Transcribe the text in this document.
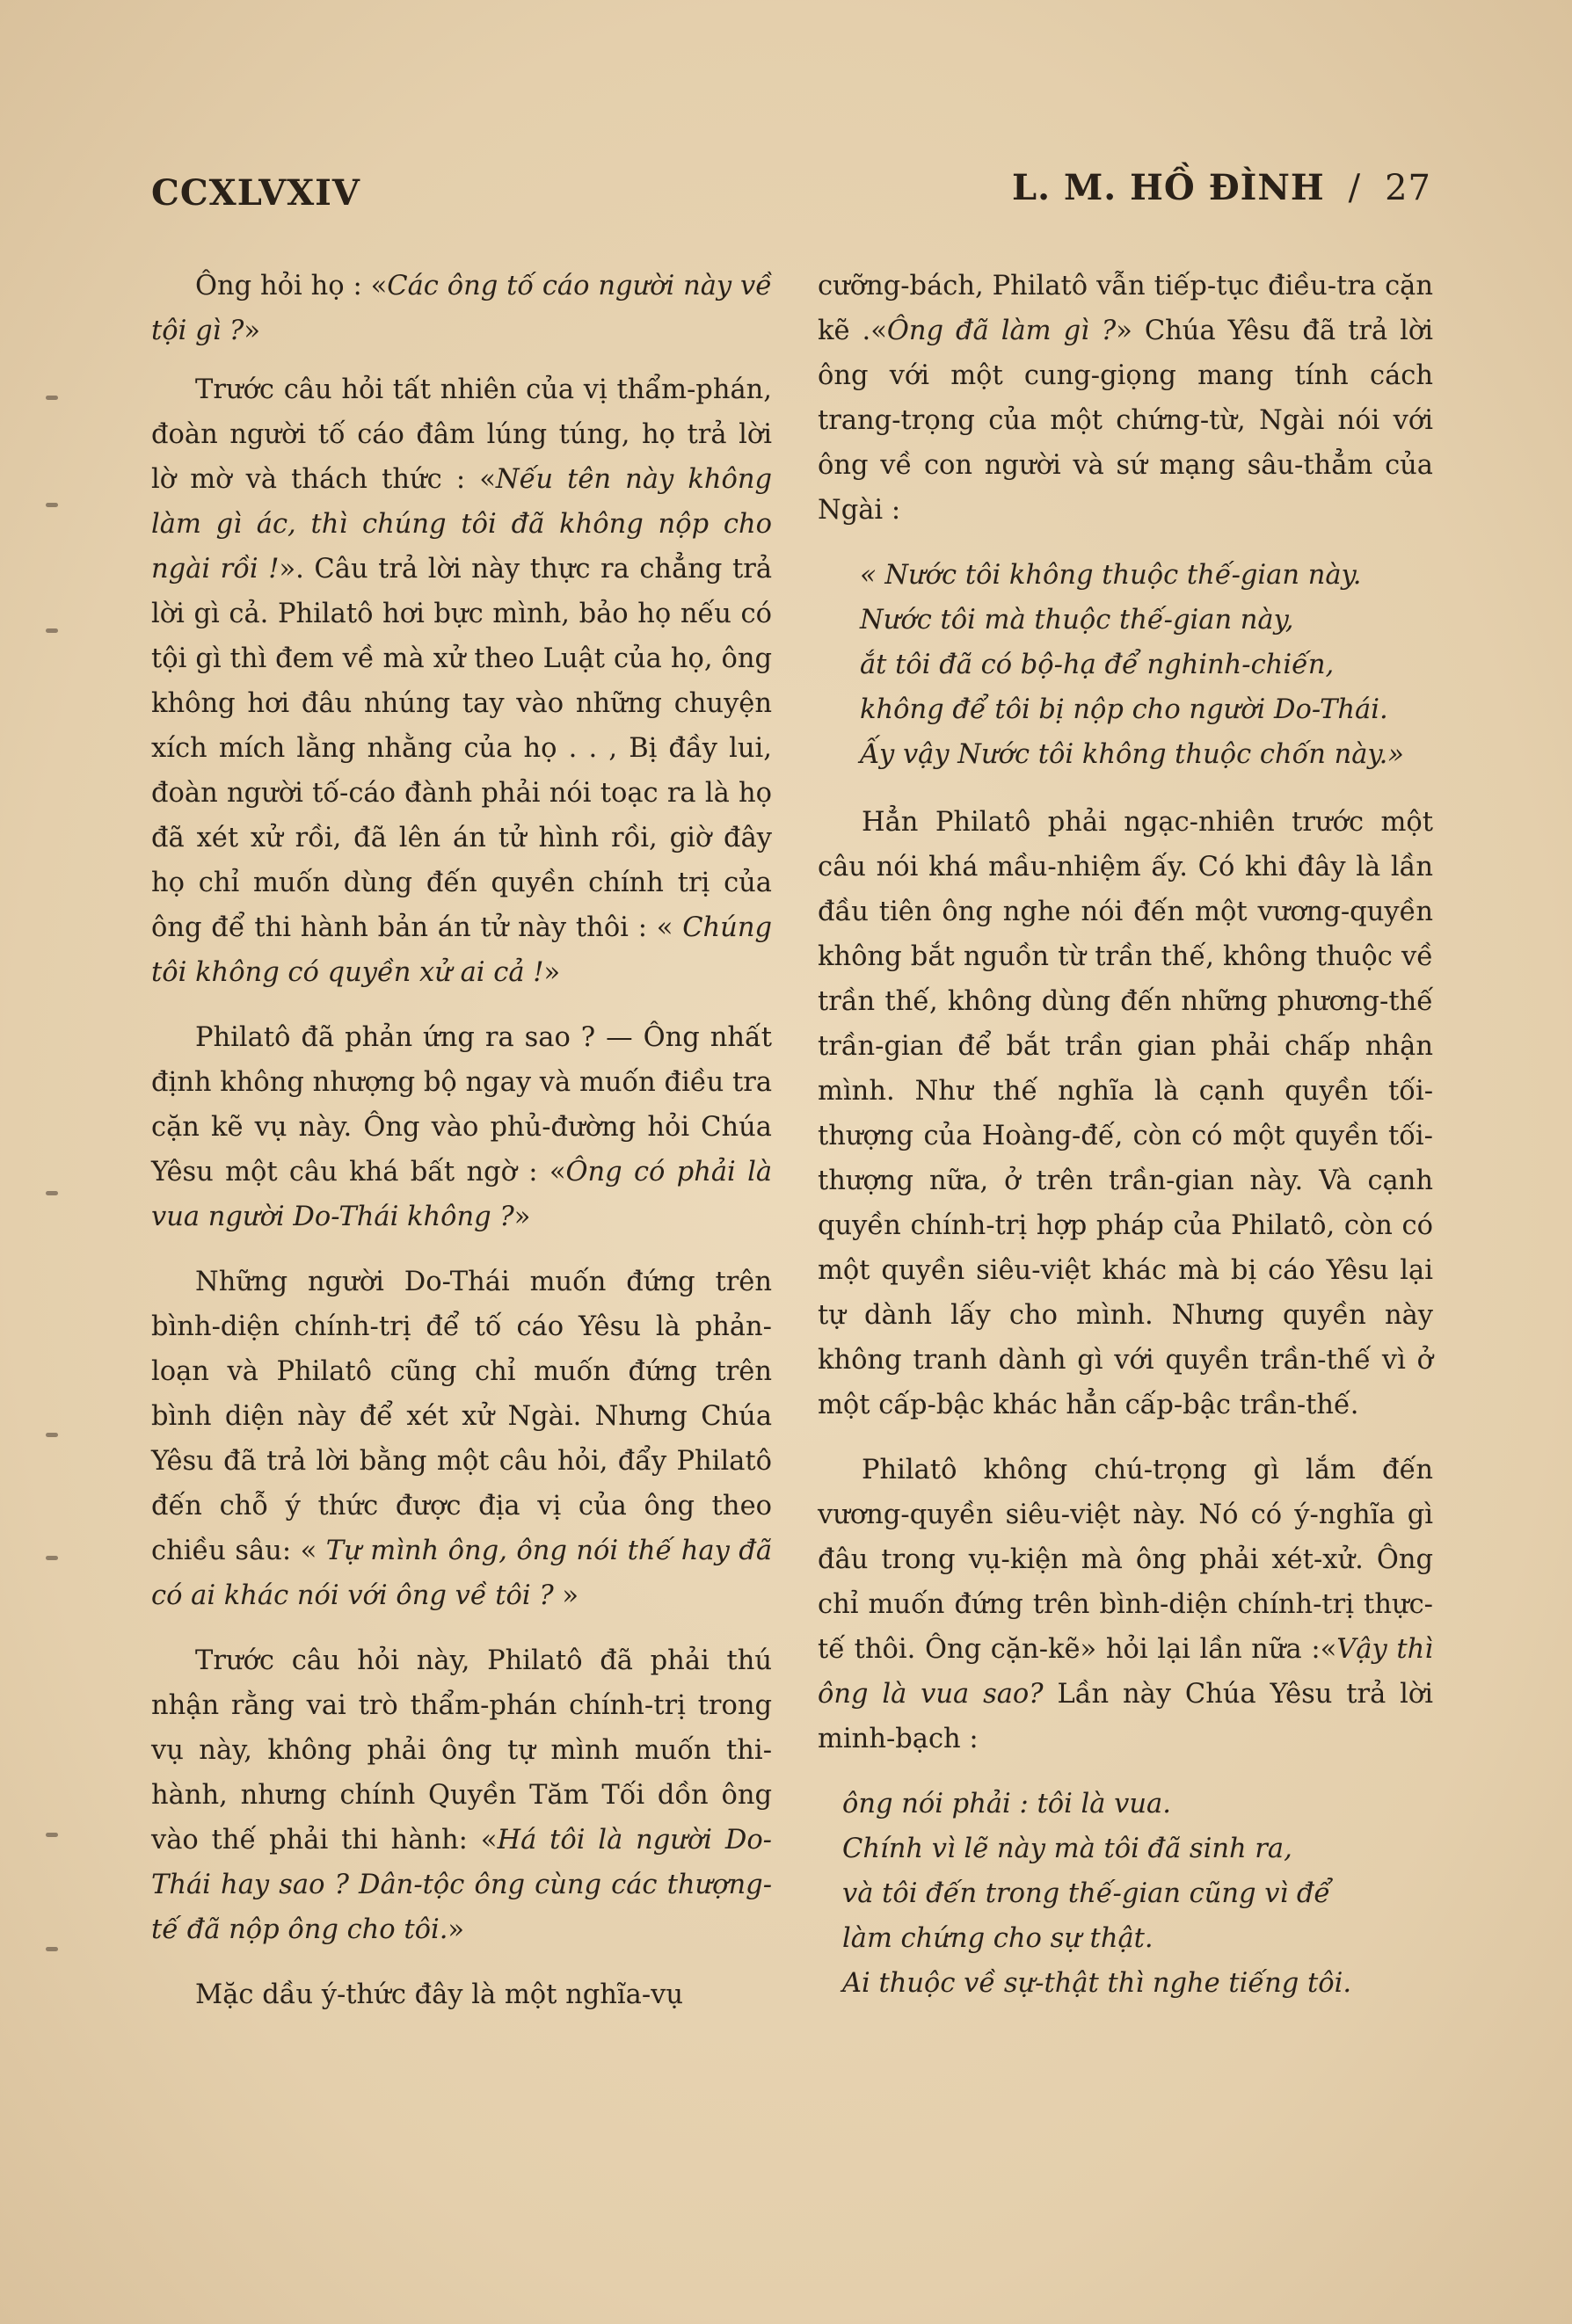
CCXLVXIV	L. M. HỒ ĐÌNH / 27

Ông hỏi họ : «Các ông tố cáo người này về tội gì ?»

Trước câu hỏi tất nhiên của vị thẩm-phán, đoàn người tố cáo đâm lúng túng, họ trả lời lờ mờ và thách thức : «Nếu tên này không làm gì ác, thì chúng tôi đã không nộp cho ngài rồi !». Câu trả lời này thực ra chẳng trả lời gì cả. Philatô hơi bực mình, bảo họ nếu có tội gì thì đem về mà xử theo Luật của họ, ông không hơi đâu nhúng tay vào những chuyện xích mích lằng nhằng của họ . . , Bị đầy lui, đoàn người tố-cáo đành phải nói toạc ra là họ đã xét xử rồi, đã lên án tử hình rồi, giờ đây họ chỉ muốn dùng đến quyền chính trị của ông để thi hành bản án tử này thôi : « Chúng tôi không có quyền xử ai cả !»

Philatô đã phản ứng ra sao ? — Ông nhất định không nhượng bộ ngay và muốn điều tra cặn kẽ vụ này. Ông vào phủ-đường hỏi Chúa Yêsu một câu khá bất ngờ : «Ông có phải là vua người Do-Thái không ?»

Những người Do-Thái muốn đứng trên bình-diện chính-trị để tố cáo Yêsu là phản-loạn và Philatô cũng chỉ muốn đứng trên bình diện này để xét xử Ngài. Nhưng Chúa Yêsu đã trả lời bằng một câu hỏi, đẩy Philatô đến chỗ ý thức được địa vị của ông theo chiều sâu: « Tự mình ông, ông nói thế hay đã có ai khác nói với ông về tôi ? »

Trước câu hỏi này, Philatô đã phải thú nhận rằng vai trò thẩm-phán chính-trị trong vụ này, không phải ông tự mình muốn thi-hành, nhưng chính Quyền Tăm Tối dồn ông vào thế phải thi hành: «Há tôi là người Do-Thái hay sao ? Dân-tộc ông cùng các thượng-tế đã nộp ông cho tôi.»

Mặc dầu ý-thức đây là một nghĩa-vụ

cưỡng-bách, Philatô vẫn tiếp-tục điều-tra cặn kẽ .«Ông đã làm gì ?» Chúa Yêsu đã trả lời ông với một cung-giọng mang tính cách trang-trọng của một chứng-từ, Ngài nói với ông về con người và sứ mạng sâu-thẳm của Ngài :

« Nước tôi không thuộc thế-gian này.
Nước tôi mà thuộc thế-gian này,
ắt tôi đã có bộ-hạ để nghinh-chiến,
không để tôi bị nộp cho người Do-Thái.
Ấy vậy Nước tôi không thuộc chốn này.»

Hẳn Philatô phải ngạc-nhiên trước một câu nói khá mầu-nhiệm ấy. Có khi đây là lần đầu tiên ông nghe nói đến một vương-quyền không bắt nguồn từ trần thế, không thuộc về trần thế, không dùng đến những phương-thế trần-gian để bắt trần gian phải chấp nhận mình. Như thế nghĩa là cạnh quyền tối-thượng của Hoàng-đế, còn có một quyền tối-thượng nữa, ở trên trần-gian này. Và cạnh quyền chính-trị hợp pháp của Philatô, còn có một quyền siêu-việt khác mà bị cáo Yêsu lại tự dành lấy cho mình. Nhưng quyền này không tranh dành gì với quyền trần-thế vì ở một cấp-bậc khác hẳn cấp-bậc trần-thế.

Philatô không chú-trọng gì lắm đến vương-quyền siêu-việt này. Nó có ý-nghĩa gì đâu trong vụ-kiện mà ông phải xét-xử. Ông chỉ muốn đứng trên bình-diện chính-trị thực-tế thôi. Ông cặn-kẽ» hỏi lại lần nữa :«Vậy thì ông là vua sao? Lần này Chúa Yêsu trả lời minh-bạch :

ông nói phải : tôi là vua.
Chính vì lẽ này mà tôi đã sinh ra,
và tôi đến trong thế-gian cũng vì để
làm chứng cho sự thật.
Ai thuộc về sự-thật thì nghe tiếng tôi.
